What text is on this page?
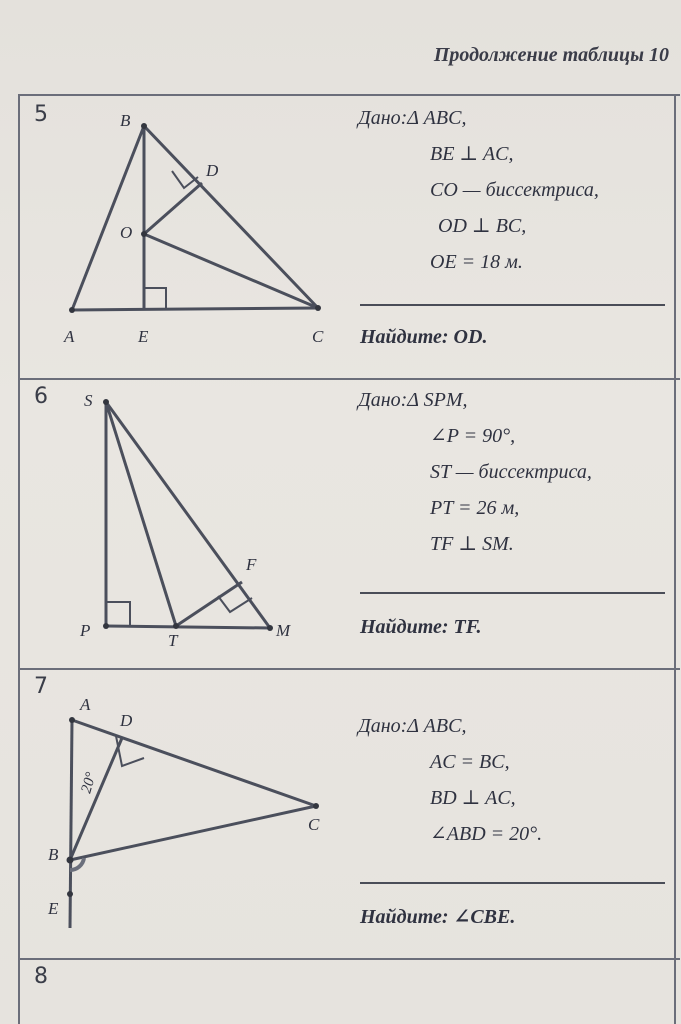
Продолжение таблицы 10
5	B
D
O
A	E	C
Дано:Δ ABC,
BE ⊥ AC,
CO — биссектриса,
OD ⊥ BC,
OE = 18 м.
Найдите: OD.
6 S
F
P
T
M
Дано:Δ SPM,
∠P = 90°,
ST — биссектриса,
PT = 26 м,
TF ⊥ SM.
Найдите: TF.
7
A
D
C
B
E
20°
Дано:Δ ABC,
AC = BC,
BD ⊥ AC,
∠ABD = 20°.
Найдите: ∠CBE.
8
